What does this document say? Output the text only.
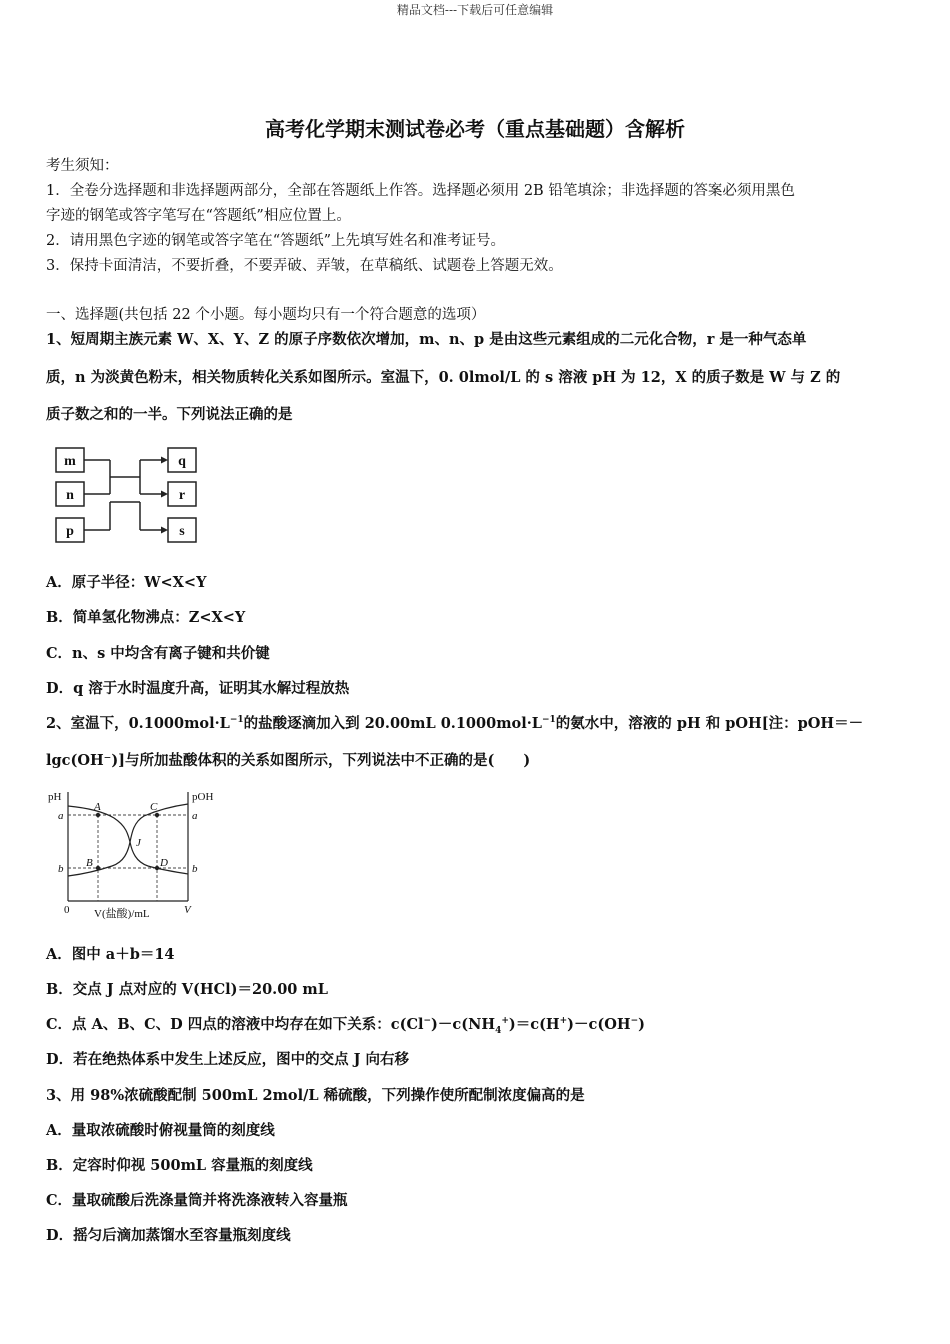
精品文档---下载后可任意编辑
高考化学期末测试卷必考（重点基础题）含解析
考生须知：
1．全卷分选择题和非选择题两部分，全部在答题纸上作答。选择题必须用 2B 铅笔填涂；非选择题的答案必须用黑色
字迹的钢笔或答字笔写在“答题纸”相应位置上。
2．请用黑色字迹的钢笔或答字笔在“答题纸”上先填写姓名和准考证号。
3．保持卡面清洁，不要折叠，不要弄破、弄皱，在草稿纸、试题卷上答题无效。
一、选择题(共包括 22 个小题。每小题均只有一个符合题意的选项）
1、短周期主族元素 W、X、Y、Z 的原子序数依次增加，m、n、p 是由这些元素组成的二元化合物，r 是一种气态单
质，n 为淡黄色粉末，相关物质转化关系如图所示。室温下，0. 0lmol/L 的 s 溶液 pH 为 12，X 的质子数是 W 与 Z 的
质子数之和的一半。下列说法正确的是
m
n
p
q
r
s
A．原子半径：W<X<Y
B．简单氢化物沸点：Z<X<Y
C．n、s 中均含有离子键和共价键
D．q 溶于水时温度升高，证明其水解过程放热
2、室温下，$0.1000mol\cdot L^{-1}$的盐酸逐滴加入到 20.00mL $0.1000mol\cdot L^{-1}$的氨水中，溶液的 pH 和 pOH[注：pOH＝－
lgc(OH⁻)]与所加盐酸体积的关系如图所示，下列说法中不正确的是(　　)
pH	pOH
a
b
a
b
A
B
C
D
J
0 V(盐酸)/mL	V
A．图中 a＋b＝14
B．交点 J 点对应的 V(HCl)＝20.00 mL
C．点 A、B、C、D 四点的溶液中均存在如下关系：$c(Cl^-)-c(NH_4^+)=c(H^+)-c(OH^-)$
D．若在绝热体系中发生上述反应，图中的交点 J 向右移
3、用 98%浓硫酸配制 500mL 2mol/L 稀硫酸，下列操作使所配制浓度偏高的是
A．量取浓硫酸时俯视量筒的刻度线
B．定容时仰视 500mL 容量瓶的刻度线
C．量取硫酸后洗涤量筒并将洗涤液转入容量瓶
D．摇匀后滴加蒸馏水至容量瓶刻度线
